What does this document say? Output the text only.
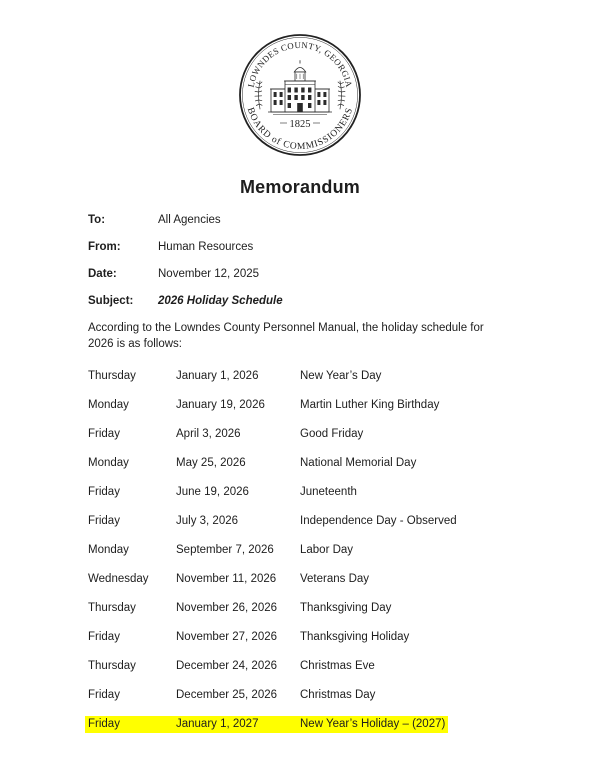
LOWNDES COUNTY, GEORGIA
BOARD of COMMISSIONERS
1825
Memorandum
To:	All Agencies
From:	Human Resources
Date:	November 12, 2025
Subject:	2026 Holiday Schedule

According to the Lowndes County Personnel Manual, the holiday schedule for 2026 is as follows:

Thursday	January 1, 2026	New Year’s Day
Monday	January 19, 2026	Martin Luther King Birthday
Friday	April 3, 2026	Good Friday
Monday	May 25, 2026	National Memorial Day
Friday	June 19, 2026	Juneteenth
Friday	July 3, 2026	Independence Day - Observed
Monday	September 7, 2026	Labor Day
Wednesday	November 11, 2026	Veterans Day
Thursday	November 26, 2026	Thanksgiving Day
Friday	November 27, 2026	Thanksgiving Holiday
Thursday	December 24, 2026	Christmas Eve
Friday	December 25, 2026	Christmas Day
Friday	January 1, 2027	New Year’s Holiday – (2027)
